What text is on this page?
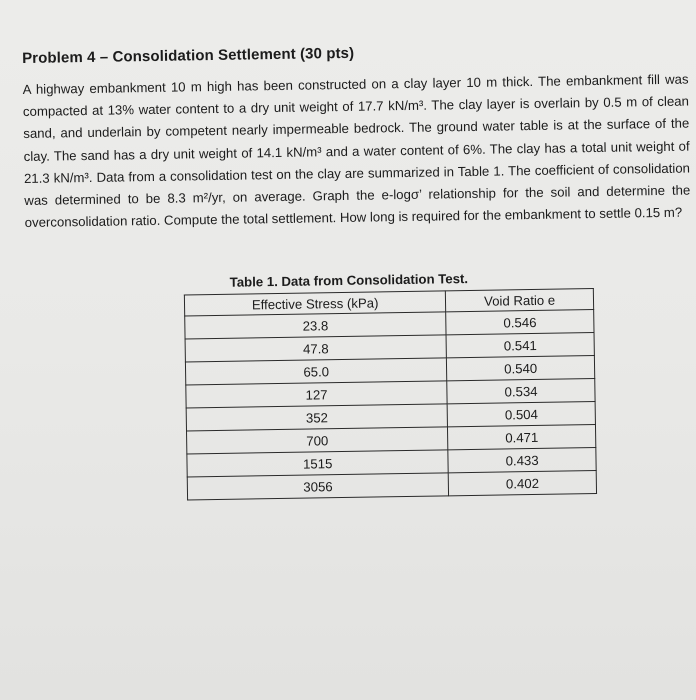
Problem 4 – Consolidation Settlement (30 pts)

A highway embankment 10 m high has been constructed on a clay layer 10 m thick. The embankment fill was compacted at 13% water content to a dry unit weight of 17.7 kN/m³. The clay layer is overlain by 0.5 m of clean sand, and underlain by competent nearly impermeable bedrock. The ground water table is at the surface of the clay. The sand has a dry unit weight of 14.1 kN/m³ and a water content of 6%. The clay has a total unit weight of 21.3 kN/m³. Data from a consolidation test on the clay are summarized in Table 1. The coefficient of consolidation was determined to be 8.3 m²/yr, on average. Graph the e-logσ’ relationship for the soil and determine the overconsolidation ratio. Compute the total settlement. How long is required for the embankment to settle 0.15 m?

Table 1. Data from Consolidation Test.
Effective Stress (kPa)	Void Ratio e
23.8	0.546
47.8	0.541
65.0	0.540
127	0.534
352	0.504
700	0.471
1515	0.433
3056	0.402
